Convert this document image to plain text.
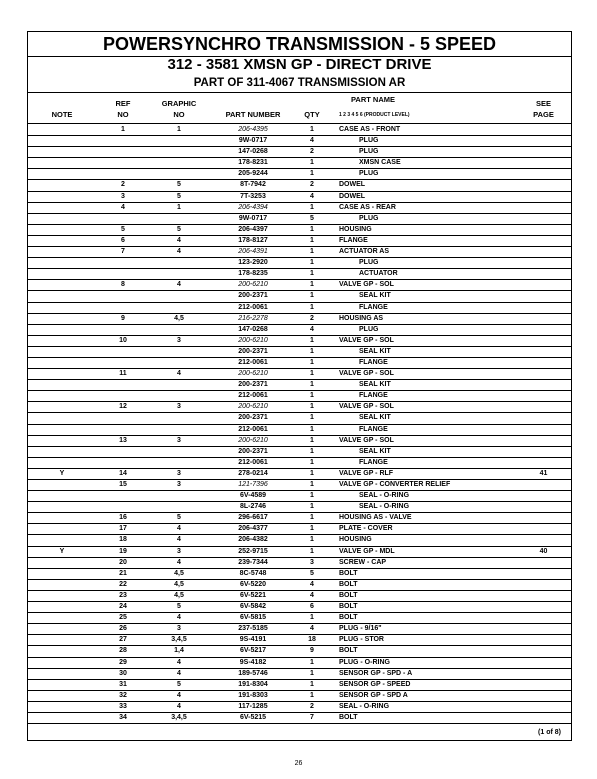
POWERSYNCHRO TRANSMISSION - 5 SPEED
312 - 3581 XMSN GP - DIRECT DRIVE
PART OF 311-4067 TRANSMISSION AR
NOTE
REF
NO
GRAPHIC
NO	PART NUMBER	QTY
PART NAME
1 2 3 4 5 6 (PRODUCT LEVEL)
SEE
PAGE
1	1	206-4395	1	CASE AS - FRONT
9W-0717	4	PLUG
147-0268	2	PLUG
178-8231	1	XMSN CASE
205-9244	1	PLUG
2	5	8T-7942	2	DOWEL
3	5	7T-3253	4	DOWEL
4	1	206-4394	1	CASE AS - REAR
9W-0717	5	PLUG
5	5	206-4397	1	HOUSING
6	4	178-8127	1	FLANGE
7	4	206-4391	1	ACTUATOR AS
123-2920	1	PLUG
178-8235	1	ACTUATOR
8	4	200-6210	1	VALVE GP - SOL
200-2371	1	SEAL KIT
212-0061	1	FLANGE
9	4,5	216-2278	2	HOUSING AS
147-0268	4	PLUG
10	3	200-6210	1	VALVE GP - SOL
200-2371	1	SEAL KIT
212-0061	1	FLANGE
11	4	200-6210	1	VALVE GP - SOL
200-2371	1	SEAL KIT
212-0061	1	FLANGE
12	3	200-6210	1	VALVE GP - SOL
200-2371	1	SEAL KIT
212-0061	1	FLANGE
13	3	200-6210	1	VALVE GP - SOL
200-2371	1	SEAL KIT
212-0061	1	FLANGE
Y	14	3	278-0214	1	VALVE GP - RLF	41
15	3	121-7396	1	VALVE GP - CONVERTER RELIEF
6V-4589	1	SEAL - O-RING
8L-2746	1	SEAL - O-RING
16	5	296-6617	1	HOUSING AS - VALVE
17	4	206-4377	1	PLATE - COVER
18	4	206-4382	1	HOUSING
Y	19	3	252-9715	1	VALVE GP - MDL	40
20	4	239-7344	3	SCREW - CAP
21	4,5	8C-5748	5	BOLT
22	4,5	6V-5220	4	BOLT
23	4,5	6V-5221	4	BOLT
24	5	6V-5842	6	BOLT
25	4	6V-5815	1	BOLT
26	3	237-5185	4	PLUG - 9/16"
27	3,4,5	9S-4191	18	PLUG - STOR
28	1,4	6V-5217	9	BOLT
29	4	9S-4182	1	PLUG - O-RING
30	4	189-5746	1	SENSOR GP - SPD - A
31	5	191-8304	1	SENSOR GP - SPEED
32	4	191-8303	1	SENSOR GP - SPD A
33	4	117-1285	2	SEAL - O-RING
34	3,4,5	6V-5215	7	BOLT
(1 of 8)
26
